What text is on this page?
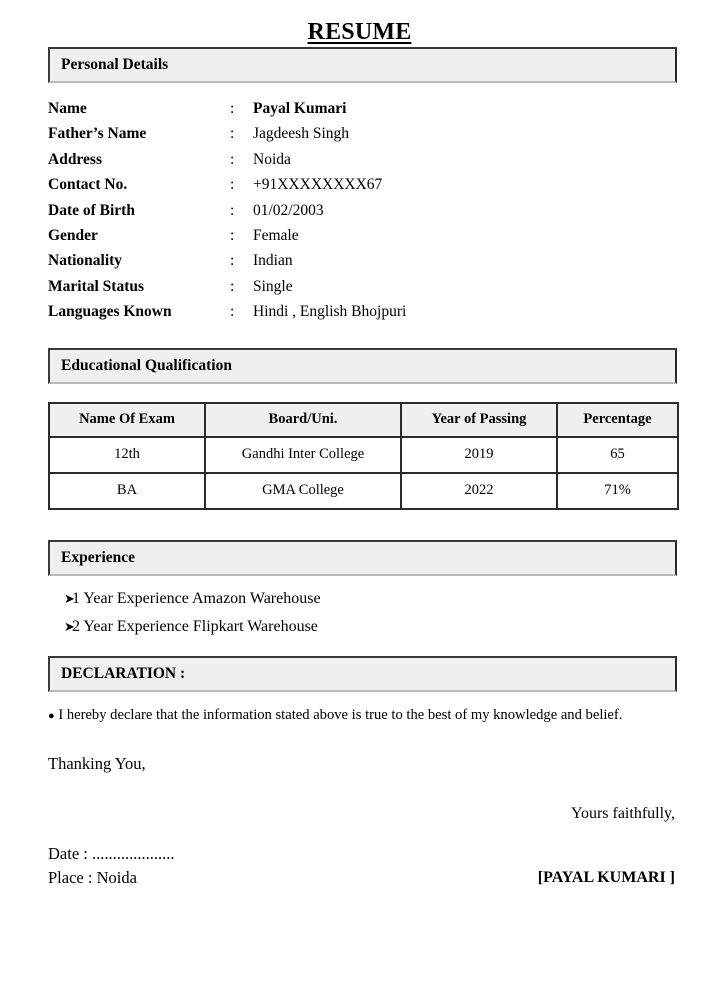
RESUME
Personal Details
Name	:	Payal Kumari
Father’s Name	:	Jagdeesh Singh
Address	:	Noida
Contact No.	:	+91XXXXXXXX67
Date of Birth	:	01/02/2003
Gender	:	Female
Nationality	:	Indian
Marital Status	:	Single
Languages Known	:	Hindi , English Bhojpuri
Educational Qualification
Name Of Exam	Board/Uni.	Year of Passing	Percentage
12th	Gandhi Inter College	2019	65
BA	GMA College	2022	71%
Experience
➤
1 Year Experience Amazon Warehouse
➤
2 Year Experience Flipkart Warehouse
DECLARATION :

● I hereby declare that the information stated above is true to the best of my knowledge and belief.

Thanking You,

Yours faithfully,
Date : ....................
Place : Noida	[PAYAL KUMARI ]
